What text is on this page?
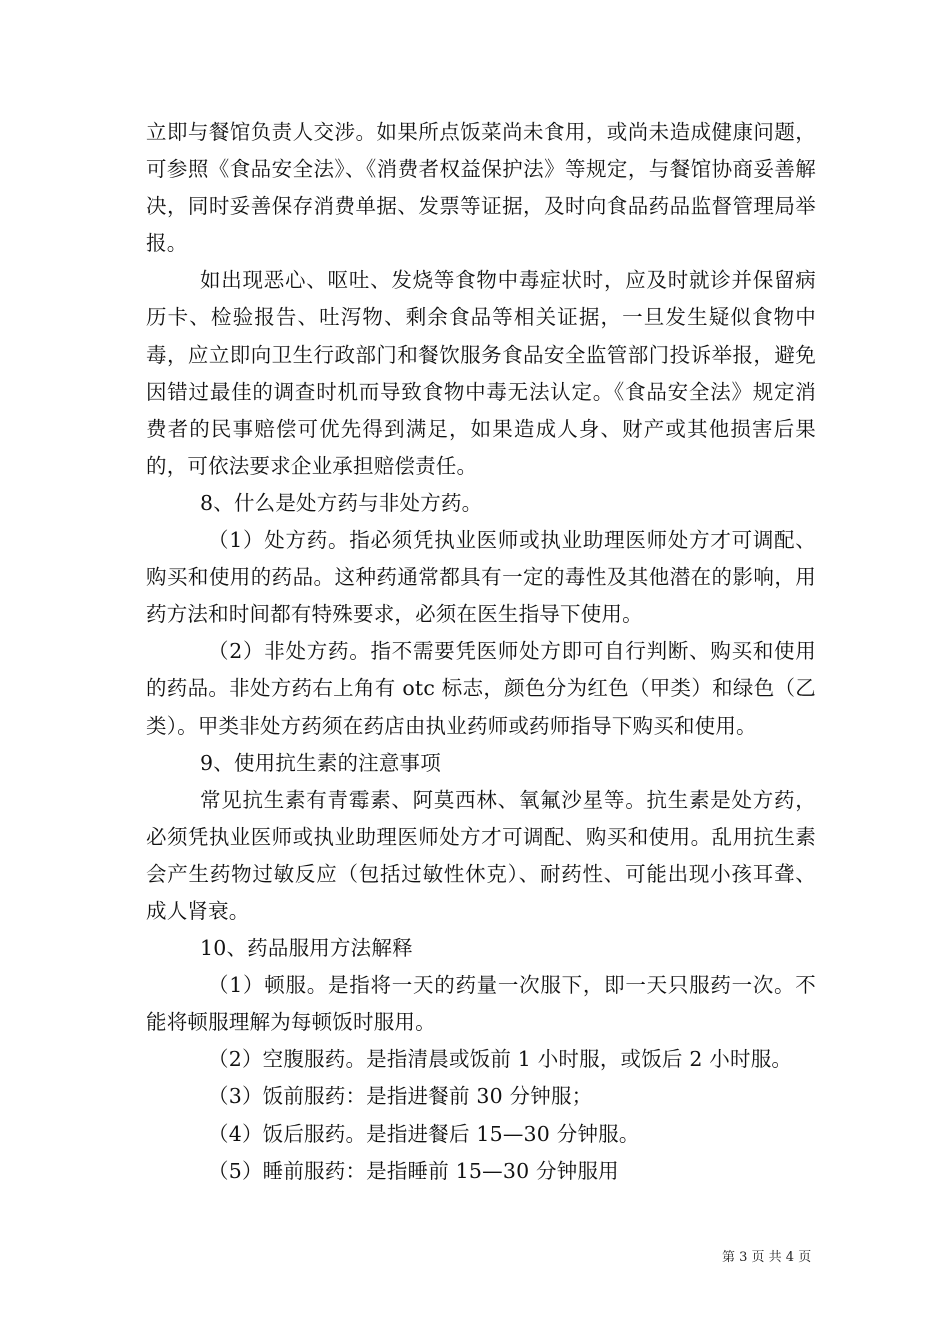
立即与餐馆负责人交涉。如果所点饭菜尚未食用，或尚未造成健康问题，可参照《食品安全法》、《消费者权益保护法》等规定，与餐馆协商妥善解决，同时妥善保存消费单据、发票等证据，及时向食品药品监督管理局举报。

如出现恶心、呕吐、发烧等食物中毒症状时，应及时就诊并保留病历卡、检验报告、吐泻物、剩余食品等相关证据，一旦发生疑似食物中毒，应立即向卫生行政部门和餐饮服务食品安全监管部门投诉举报，避免因错过最佳的调查时机而导致食物中毒无法认定。《食品安全法》规定消费者的民事赔偿可优先得到满足，如果造成人身、财产或其他损害后果的，可依法要求企业承担赔偿责任。

8、什么是处方药与非处方药。

（1）处方药。指必须凭执业医师或执业助理医师处方才可调配、购买和使用的药品。这种药通常都具有一定的毒性及其他潜在的影响，用药方法和时间都有特殊要求，必须在医生指导下使用。

（2）非处方药。指不需要凭医师处方即可自行判断、购买和使用的药品。非处方药右上角有 otc 标志，颜色分为红色（甲类）和绿色（乙类）。甲类非处方药须在药店由执业药师或药师指导下购买和使用。

9、使用抗生素的注意事项

常见抗生素有青霉素、阿莫西林、氧氟沙星等。抗生素是处方药，必须凭执业医师或执业助理医师处方才可调配、购买和使用。乱用抗生素会产生药物过敏反应（包括过敏性休克）、耐药性、可能出现小孩耳聋、成人肾衰。

10、药品服用方法解释

（1）顿服。是指将一天的药量一次服下，即一天只服药一次。不能将顿服理解为每顿饭时服用。

（2）空腹服药。是指清晨或饭前 1 小时服，或饭后 2 小时服。

（3）饭前服药：是指进餐前 30 分钟服；

（4）饭后服药。是指进餐后 15—30 分钟服。

（5）睡前服药：是指睡前 15—30 分钟服用

第 3 页 共 4 页
